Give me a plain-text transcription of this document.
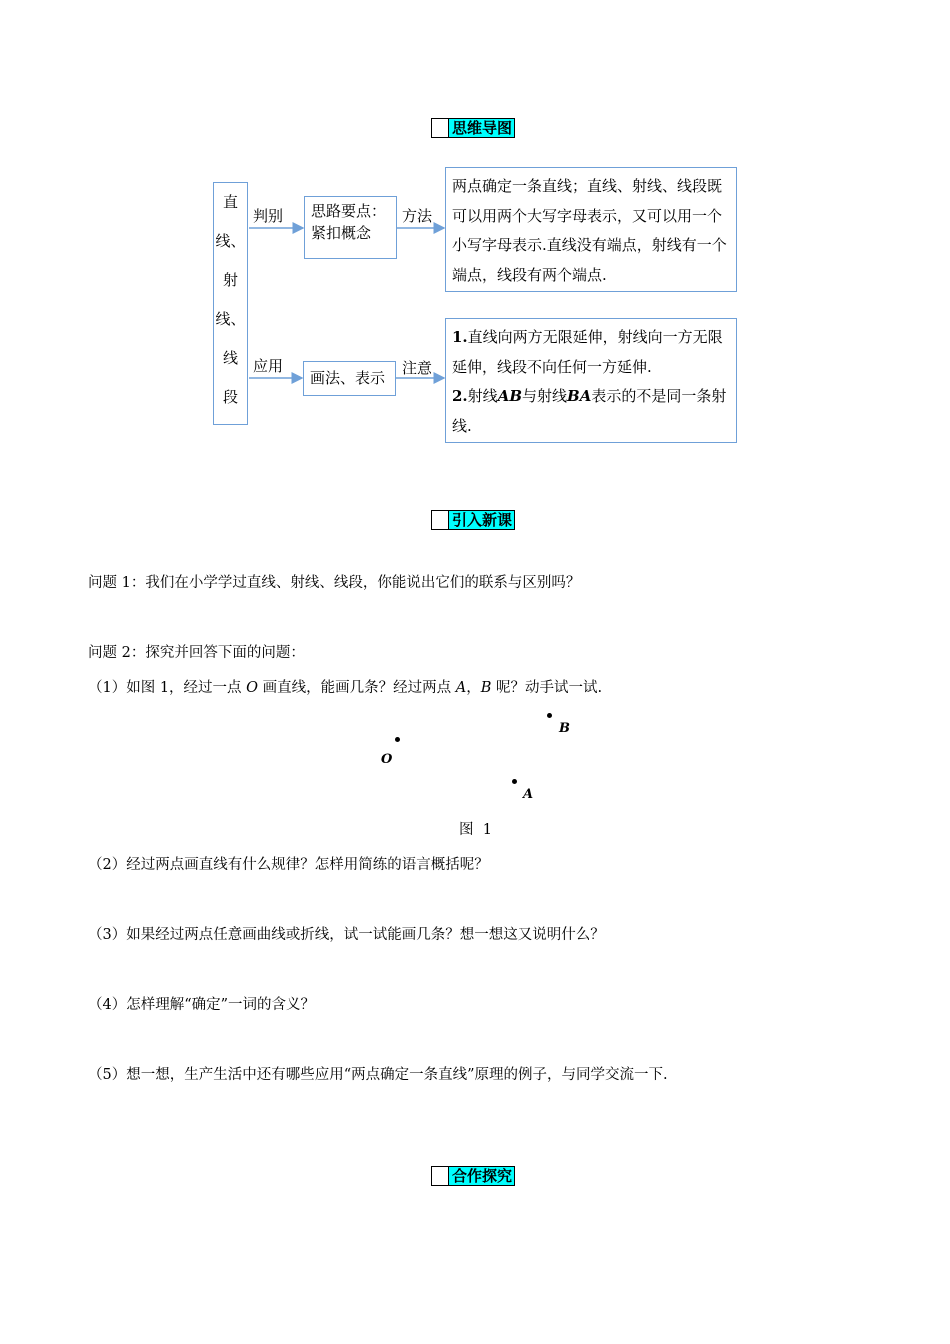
思维导图
直
线、
射
线、
线
段
判别
应用
方法
注意
思路要点：紧扣概念
两点确定一条直线；直线、射线、线段既可以用两个大写字母表示，又可以用一个小写字母表示.直线没有端点，射线有一个端点，线段有两个端点.
画法、表示
1.直线向两方无限延伸，射线向一方无限延伸，线段不向任何一方延伸.
2.射线AB与射线BA表示的不是同一条射线.
引入新课
问题 1：我们在小学学过直线、射线、线段，你能说出它们的联系与区别吗？
问题 2：探究并回答下面的问题：
（1）如图 1，经过一点 O 画直线，能画几条？经过两点 A，B 呢？动手试一试.
O
B
A
图  1
（2）经过两点画直线有什么规律？怎样用简练的语言概括呢？
（3）如果经过两点任意画曲线或折线，试一试能画几条？想一想这又说明什么？
（4）怎样理解“确定”一词的含义？
（5）想一想，生产生活中还有哪些应用“两点确定一条直线”原理的例子，与同学交流一下.
合作探究
